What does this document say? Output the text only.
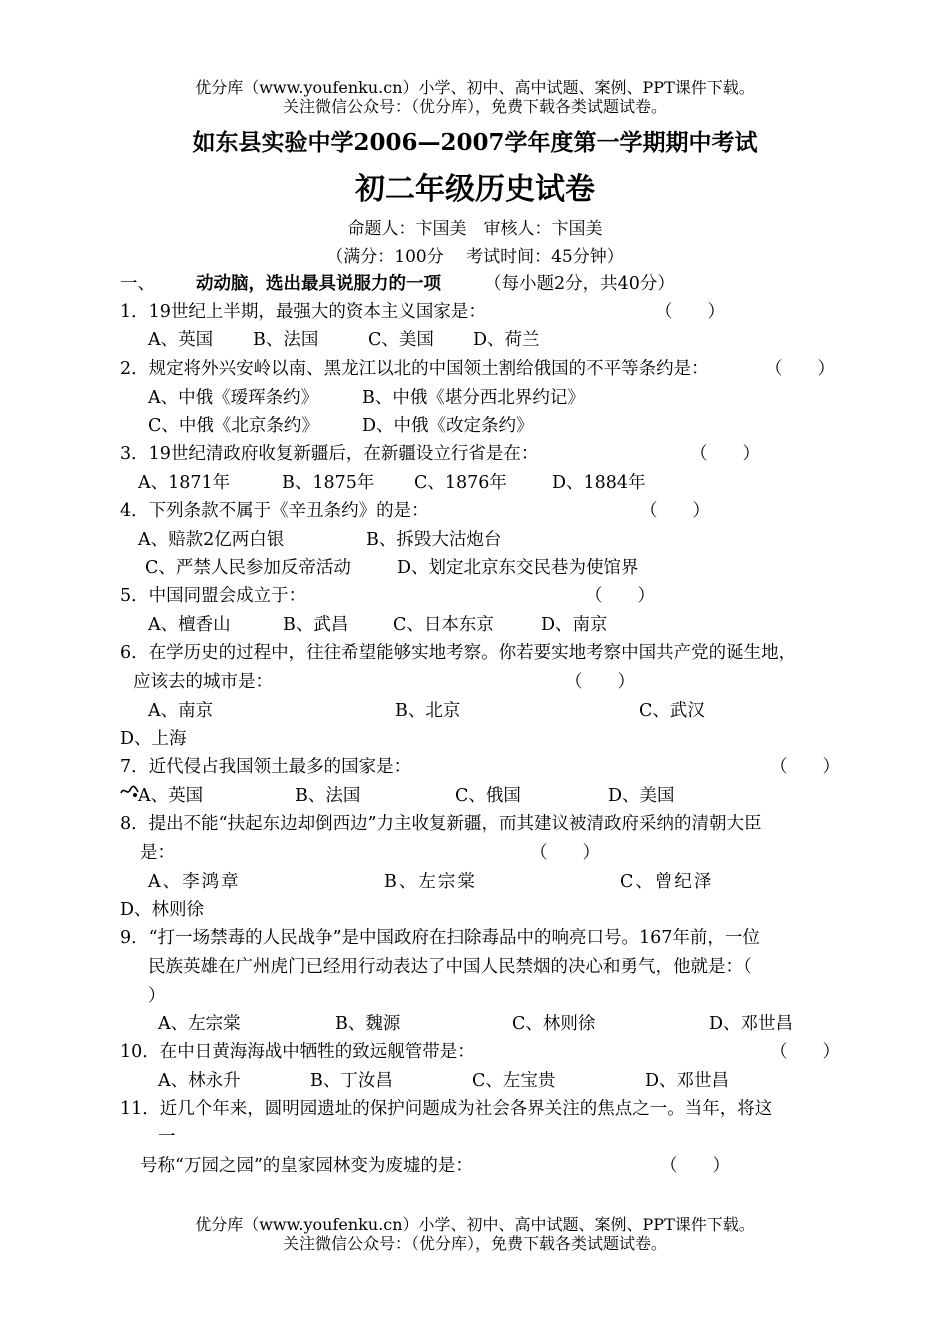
优分库（www.youfenku.cn）小学、初中、高中试题、案例、PPT课件下载。
关注微信公众号：（优分库），免费下载各类试题试卷。
如东县实验中学2006—2007学年度第一学期期中考试
初二年级历史试卷
命题人：卞国美　审核人：卞国美
（满分：100分　 考试时间：45分钟）
一、 动动脑，选出最具说服力的一项 （每小题2分，共40分）
1．19世纪上半期，最强大的资本主义国家是：	（　　）
A、英国 B、法国	C、美国 D、荷兰
2．规定将外兴安岭以南、黑龙江以北的中国领土割给俄国的不平等条约是：	（　　）
A、中俄《瑷珲条约》	B、中俄《堪分西北界约记》
C、中俄《北京条约》 D、中俄《改定条约》
3．19世纪清政府收复新疆后，在新疆设立行省是在：	（　　）
A、1871年	B、1875年 C、1876年	D、1884年
4．下列条款不属于《辛丑条约》的是：	（　　）
A、赔款2亿两白银	B、拆毁大沽炮台
C、严禁人民参加反帝活动	D、划定北京东交民巷为使馆界
5．中国同盟会成立于：	（　　）
A、檀香山	B、武昌	C、日本东京	D、南京
6．在学历史的过程中，往往希望能够实地考察。你若要实地考察中国共产党的诞生地，
应该去的城市是：	（　　）
A、南京	B、北京	C、武汉
D、上海
7．近代侵占我国领土最多的国家是：	（　　）
A、英国	B、法国	C、俄国	D、美国
8．提出不能“扶起东边却倒西边”力主收复新疆，而其建议被清政府采纳的清朝大臣
是：	（　　）
A、李鸿章	B、左宗棠	C、曾纪泽
D、林则徐
9．“打一场禁毒的人民战争”是中国政府在扫除毒品中的响亮口号。167年前，一位
民族英雄在广州虎门已经用行动表达了中国人民禁烟的决心和勇气，他就是：（
）
A、左宗棠	B、魏源	C、林则徐	D、邓世昌
10．在中日黄海海战中牺牲的致远舰管带是：	（　　）
A、林永升	B、丁汝昌	C、左宝贵	D、邓世昌
11．近几个年来，圆明园遗址的保护问题成为社会各界关注的焦点之一。当年，将这
一
号称“万园之园”的皇家园林变为废墟的是：	（　　）
优分库（www.youfenku.cn）小学、初中、高中试题、案例、PPT课件下载。
关注微信公众号：（优分库），免费下载各类试题试卷。
